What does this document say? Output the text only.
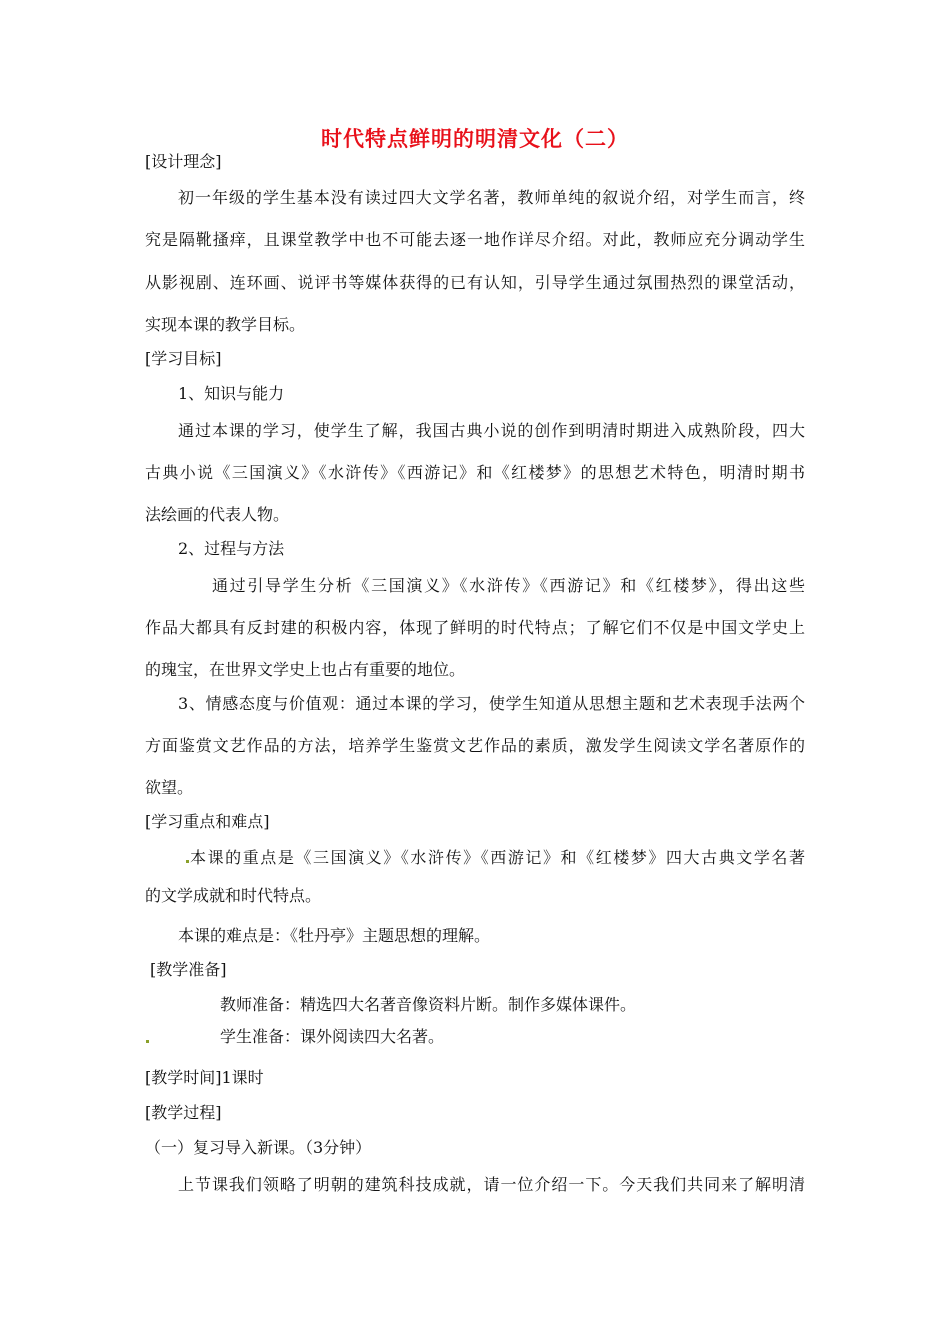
时代特点鲜明的明清文化（二）
[设计理念]
初一年级的学生基本没有读过四大文学名著，教师单纯的叙说介绍，对学生而言，终
究是隔靴搔痒，且课堂教学中也不可能去逐一地作详尽介绍。对此，教师应充分调动学生
从影视剧、连环画、说评书等媒体获得的已有认知，引导学生通过氛围热烈的课堂活动，
实现本课的教学目标。
[学习目标]
1、知识与能力
通过本课的学习，使学生了解，我国古典小说的创作到明清时期进入成熟阶段，四大
古典小说《三国演义》《水浒传》《西游记》和《红楼梦》的思想艺术特色，明清时期书
法绘画的代表人物。
2、过程与方法
通过引导学生分析《三国演义》《水浒传》《西游记》和《红楼梦》，得出这些
作品大都具有反封建的积极内容，体现了鲜明的时代特点；了解它们不仅是中国文学史上
的瑰宝，在世界文学史上也占有重要的地位。
3、情感态度与价值观：通过本课的学习，使学生知道从思想主题和艺术表现手法两个
方面鉴赏文艺作品的方法，培养学生鉴赏文艺作品的素质，激发学生阅读文学名著原作的
欲望。
[学习重点和难点]
本课的重点是《三国演义》《水浒传》《西游记》和《红楼梦》四大古典文学名著
的文学成就和时代特点。
本课的难点是：《牡丹亭》主题思想的理解。
[教学准备]
教师准备：精选四大名著音像资料片断。制作多媒体课件。
学生准备：课外阅读四大名著。
[教学时间]1课时
[教学过程]
（一）复习导入新课。（3分钟）
上节课我们领略了明朝的建筑科技成就，请一位介绍一下。今天我们共同来了解明清
